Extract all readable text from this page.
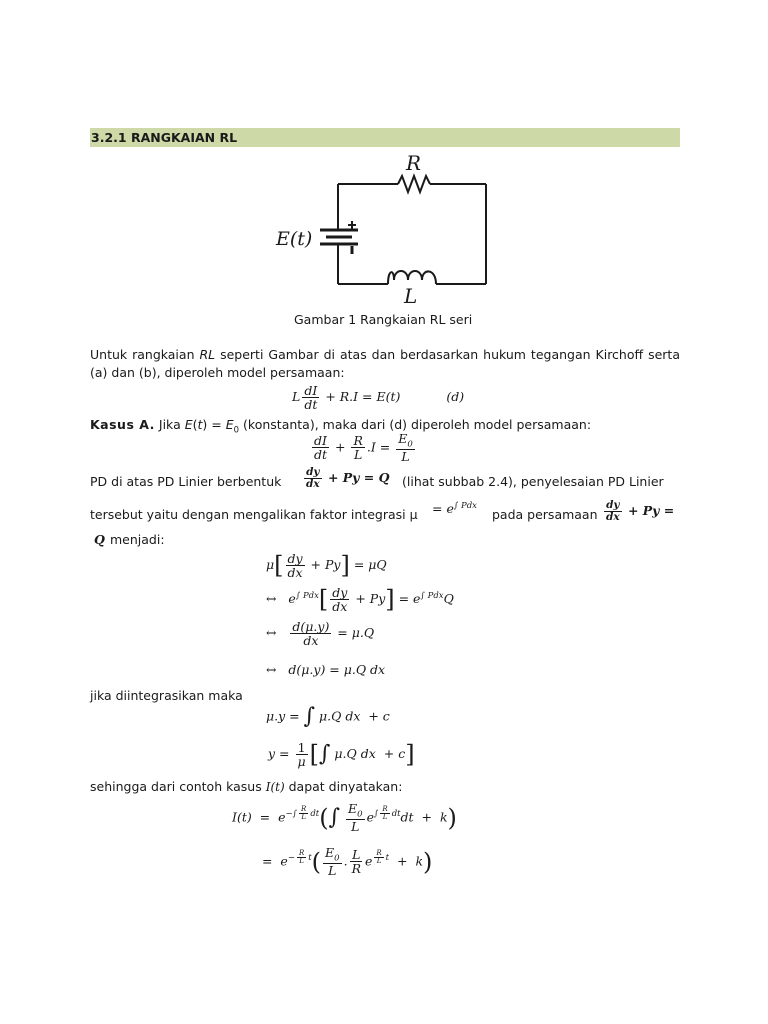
3.2.1 RANGKAIAN RL
R
L
E(t)
Gambar 1 Rangkaian RL seri
Untuk rangkaian RL seperti Gambar di atas dan berdasarkan hukum tegangan Kirchoff serta (a) dan (b), diperoleh model persamaan:
L $\frac{dI}{dt} + R.I = E(t)$	(d)
Kasus A. Jika $E(t) = E_0$ (konstanta), maka dari (d) diperoleh model persamaan:
$\frac{dI}{dt} + \frac{R}{L} .I = \frac{E_0}{L}$
PD di atas PD Linier berbentuk $\frac{dy}{dx} + Py = Q$ (lihat subbab 2.4), penyelesaian PD Linier
tersebut yaitu dengan mengalikan faktor integrasi $\mu = e^{\int Pdx}$
pada persamaan $\frac{dy}{dx} + Py$ =
Q menjadi:
$\mu[ \frac{dy}{dx} + Py] = \mu Q$
↔   $e^{\int Pdx}[ \frac{dy}{dx} + Py] = e^{\int Pdx}Q$
↔ $\frac{d(\mu.y)}{dx} = \mu.Q$
↔   d(μ.y) = μ.Q dx
jika diintegrasikan maka
μ.y = ∫ μ.Q dx  + c
$y = \frac{1}{\mu}$ [∫ μ.Q dx  + c]
sehingga dari contoh kasus I(t) dapat dinyatakan:
$I(t) = e^{-\int \frac{R}{L} dt}(\int \frac{E_0}{L} e^{\int \frac{R}{L} dt}dt + k)$
=  $e^{- \frac{R}{L} t}( \frac{E_0}{L}$ . $\frac{L}{R}$ e $^{\frac{R}{L} t}$  +  k)
